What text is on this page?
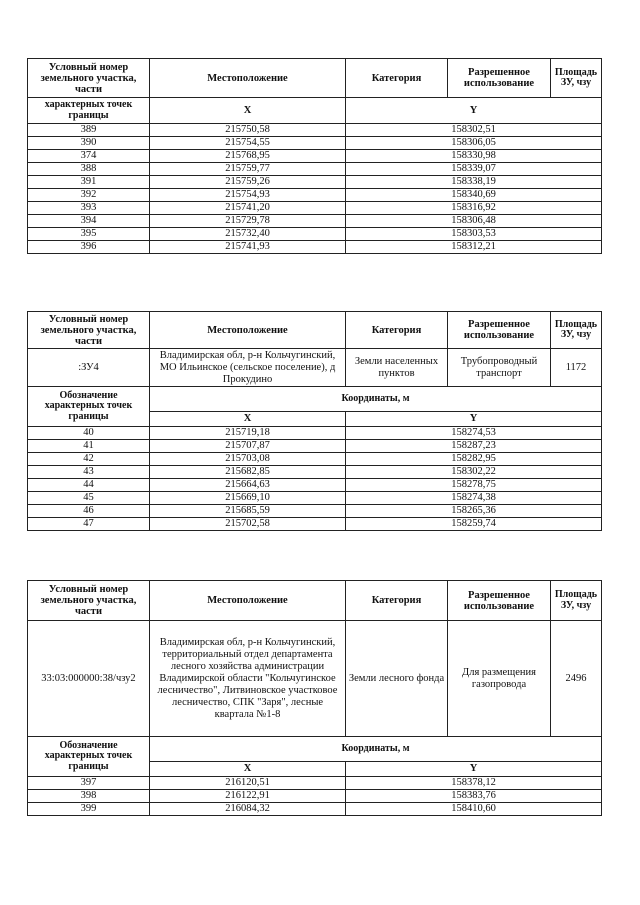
Условный номер земельного участка, части	Местоположение	Категория	Разрешенное использование	Площадь ЗУ, чзу
характерных точек границы	X	Y		
389	215750,58	158302,51		
390	215754,55	158306,05		
374	215768,95	158330,98		
388	215759,77	158339,07		
391	215759,26	158338,19		
392	215754,93	158340,69		
393	215741,20	158316,92		
394	215729,78	158306,48		
395	215732,40	158303,53		
396	215741,93	158312,21		
Условный номер земельного участка, части	Местоположение	Категория	Разрешенное использование	Площадь ЗУ, чзу
:ЗУ4	Владимирская обл, р-н Кольчугинский, МО Ильинское (сельское поселение), д Прокудино	Земли населенных пунктов	Трубопроводный транспорт	1172
Обозначение характерных точек границы	Координаты, м			
	X	Y		
40	215719,18	158274,53		
41	215707,87	158287,23		
42	215703,08	158282,95		
43	215682,85	158302,22		
44	215664,63	158278,75		
45	215669,10	158274,38		
46	215685,59	158265,36		
47	215702,58	158259,74		
Условный номер земельного участка, части	Местоположение	Категория	Разрешенное использование	Площадь ЗУ, чзу
33:03:000000:38/чзу2	Владимирская обл, р-н Кольчугинский, территориальный отдел департамента лесного хозяйства администрации Владимирской области "Кольчугинское лесничество", Литвиновское участковое лесничество, СПК "Заря", лесные квартала №1-8	Земли лесного фонда	Для размещения газопровода	2496
Обозначение характерных точек границы	Координаты, м			
	X	Y		
397	216120,51	158378,12		
398	216122,91	158383,76		
399	216084,32	158410,60		
